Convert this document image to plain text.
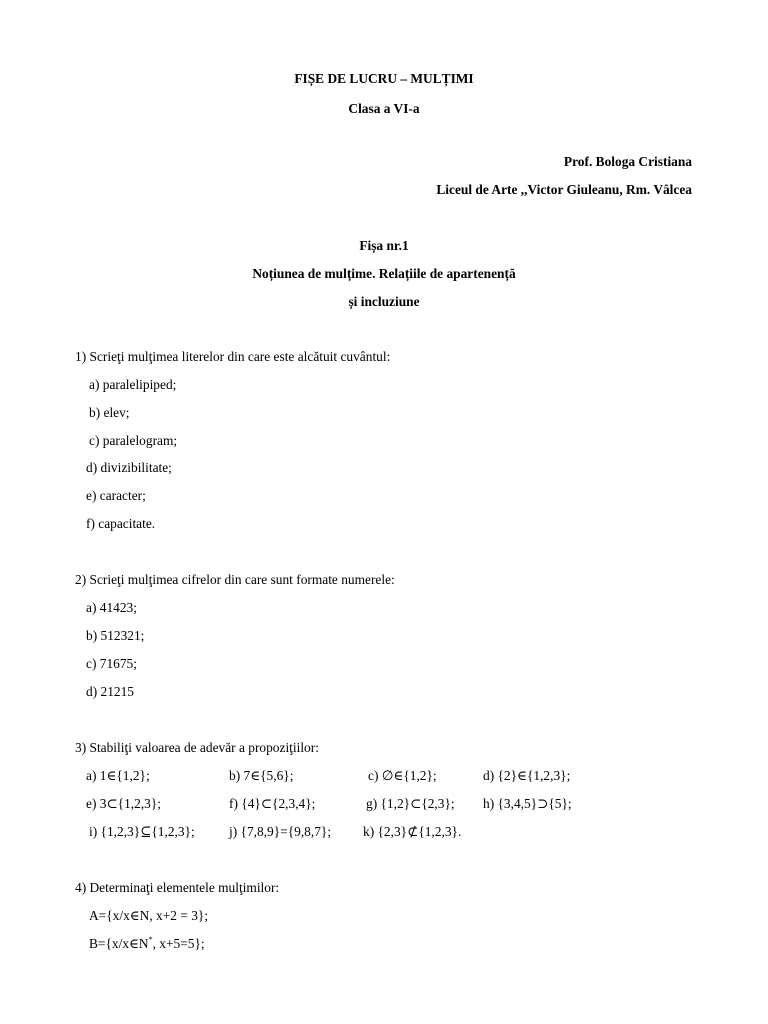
FIȘE DE LUCRU – MULȚIMI
Clasa a VI-a
Prof. Bologa Cristiana
Liceul de Arte ,,Victor Giuleanu, Rm. Vâlcea
Fișa nr.1
Noțiunea de mulțime. Relațiile de apartenență
și incluziune
1) Scrieţi mulţimea literelor din care este alcătuit cuvântul:
a) paralelipiped;
b) elev;
c) paralelogram;
d) divizibilitate;
e) caracter;
f) capacitate.
2) Scrieţi mulţimea cifrelor din care sunt formate numerele:
a) 41423;
b) 512321;
c) 71675;
d) 21215
3) Stabiliţi valoarea de adevăr a propoziţiilor:
a) 1∈{1,2};	b) 7∈{5,6};	c) ∅∈{1,2};	d) {2}∈{1,2,3};
e) 3⊂{1,2,3};	f) {4}⊂{2,3,4};	g) {1,2}⊂{2,3}; h) {3,4,5}⊃{5};
i) {1,2,3}⊆{1,2,3};	j) {7,8,9}={9,8,7}; k) {2,3}⊄{1,2,3}.
4) Determinaţi elementele mulţimilor:
A={x/x∈N, x+2 = 3};
B={x/x∈N*, x+5=5};
